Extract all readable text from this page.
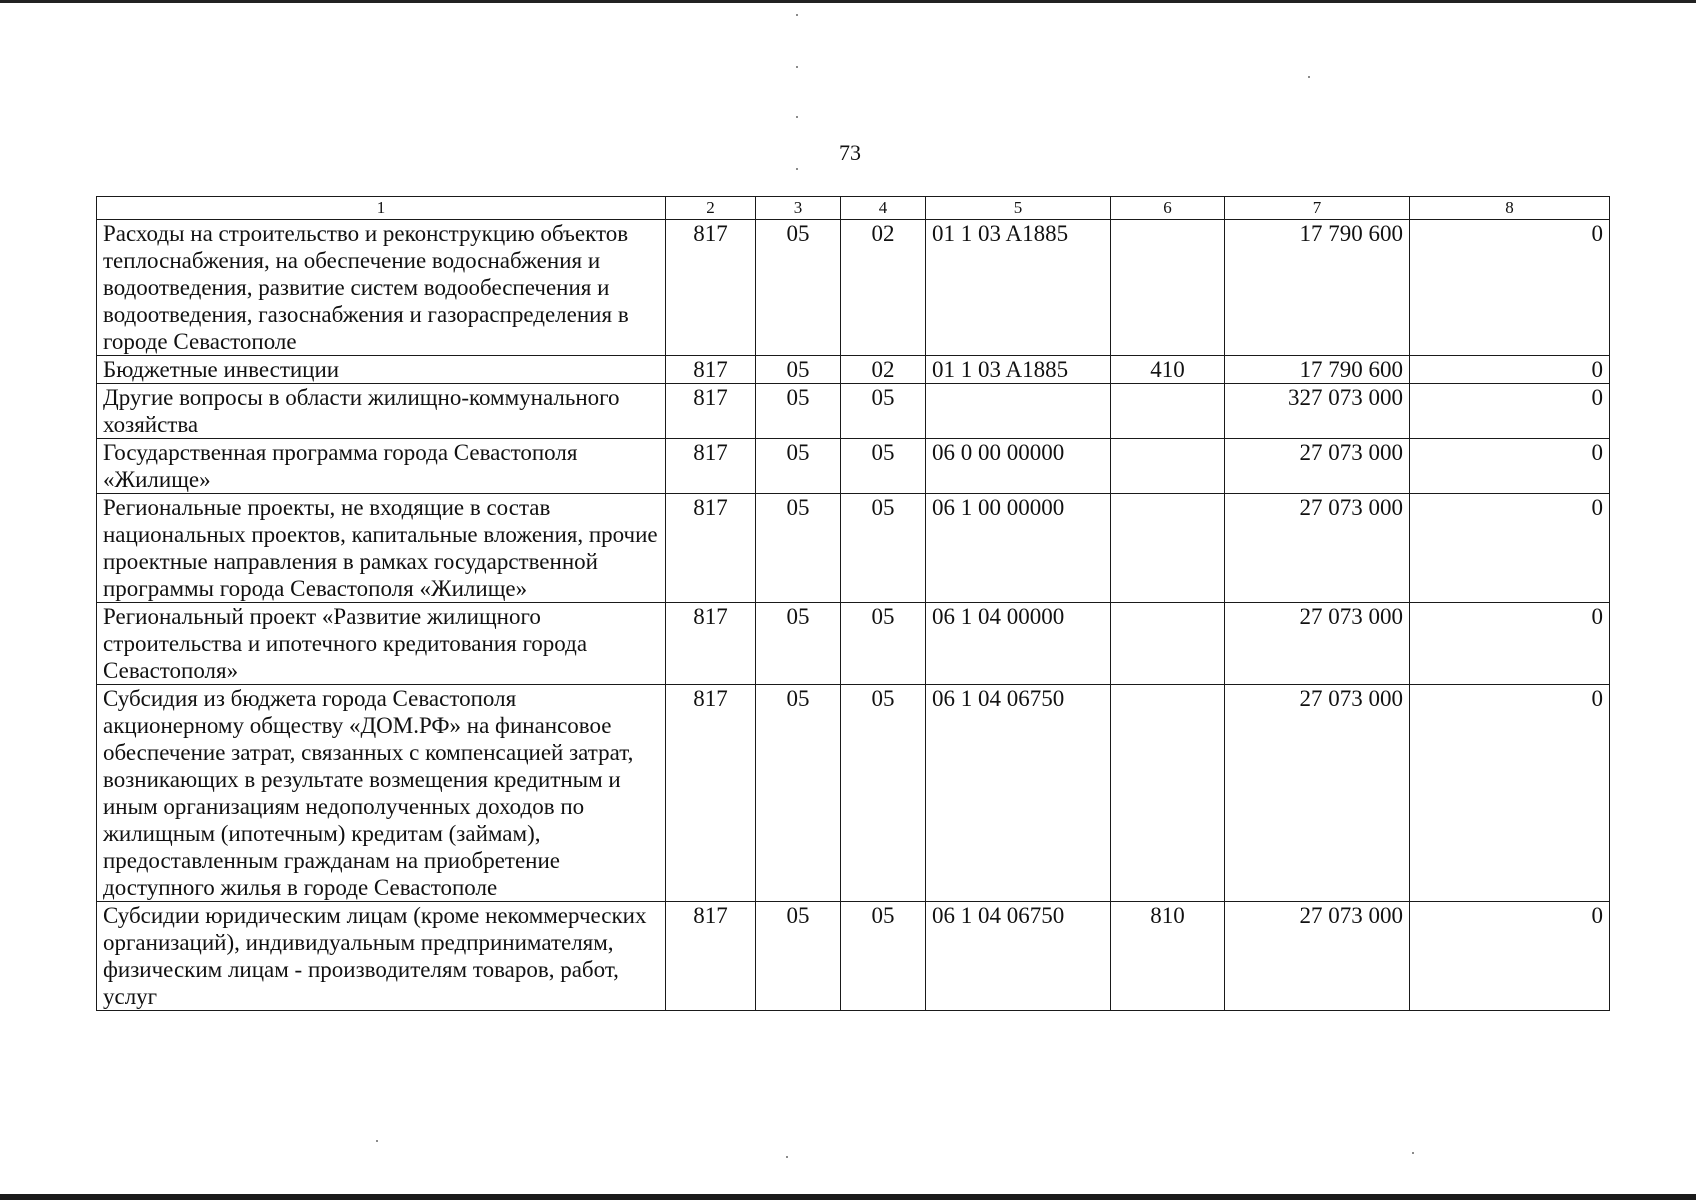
73
1	2	3	4	5	6	7	8
Расходы на строительство и реконструкцию объектов теплоснабжения, на обеспечение водоснабжения и водоотведения, развитие систем водообеспечения и водоотведения, газоснабжения и газораспределения в городе Севастополе	817	05	02	01 1 03 A1885		17 790 600	0
Бюджетные инвестиции	817	05	02	01 1 03 A1885	410	17 790 600	0
Другие вопросы в области жилищно-коммунального хозяйства	817	05	05			327 073 000	0
Государственная программа города Севастополя «Жилище»	817	05	05	06 0 00 00000		27 073 000	0
Региональные проекты, не входящие в состав национальных проектов, капитальные вложения, прочие проектные направления в рамках государственной программы города Севастополя «Жилище»	817	05	05	06 1 00 00000		27 073 000	0
Региональный проект «Развитие жилищного строительства и ипотечного кредитования города Севастополя»	817	05	05	06 1 04 00000		27 073 000	0
Субсидия из бюджета города Севастополя акционерному обществу «ДОМ.РФ» на финансовое обеспечение затрат, связанных с компенсацией затрат, возникающих в результате возмещения кредитным и иным организациям недополученных доходов по жилищным (ипотечным) кредитам (займам), предоставленным гражданам на приобретение доступного жилья в городе Севастополе	817	05	05	06 1 04 06750		27 073 000	0
Субсидии юридическим лицам (кроме некоммерческих организаций), индивидуальным предпринимателям, физическим лицам - производителям товаров, работ, услуг	817	05	05	06 1 04 06750	810	27 073 000	0
